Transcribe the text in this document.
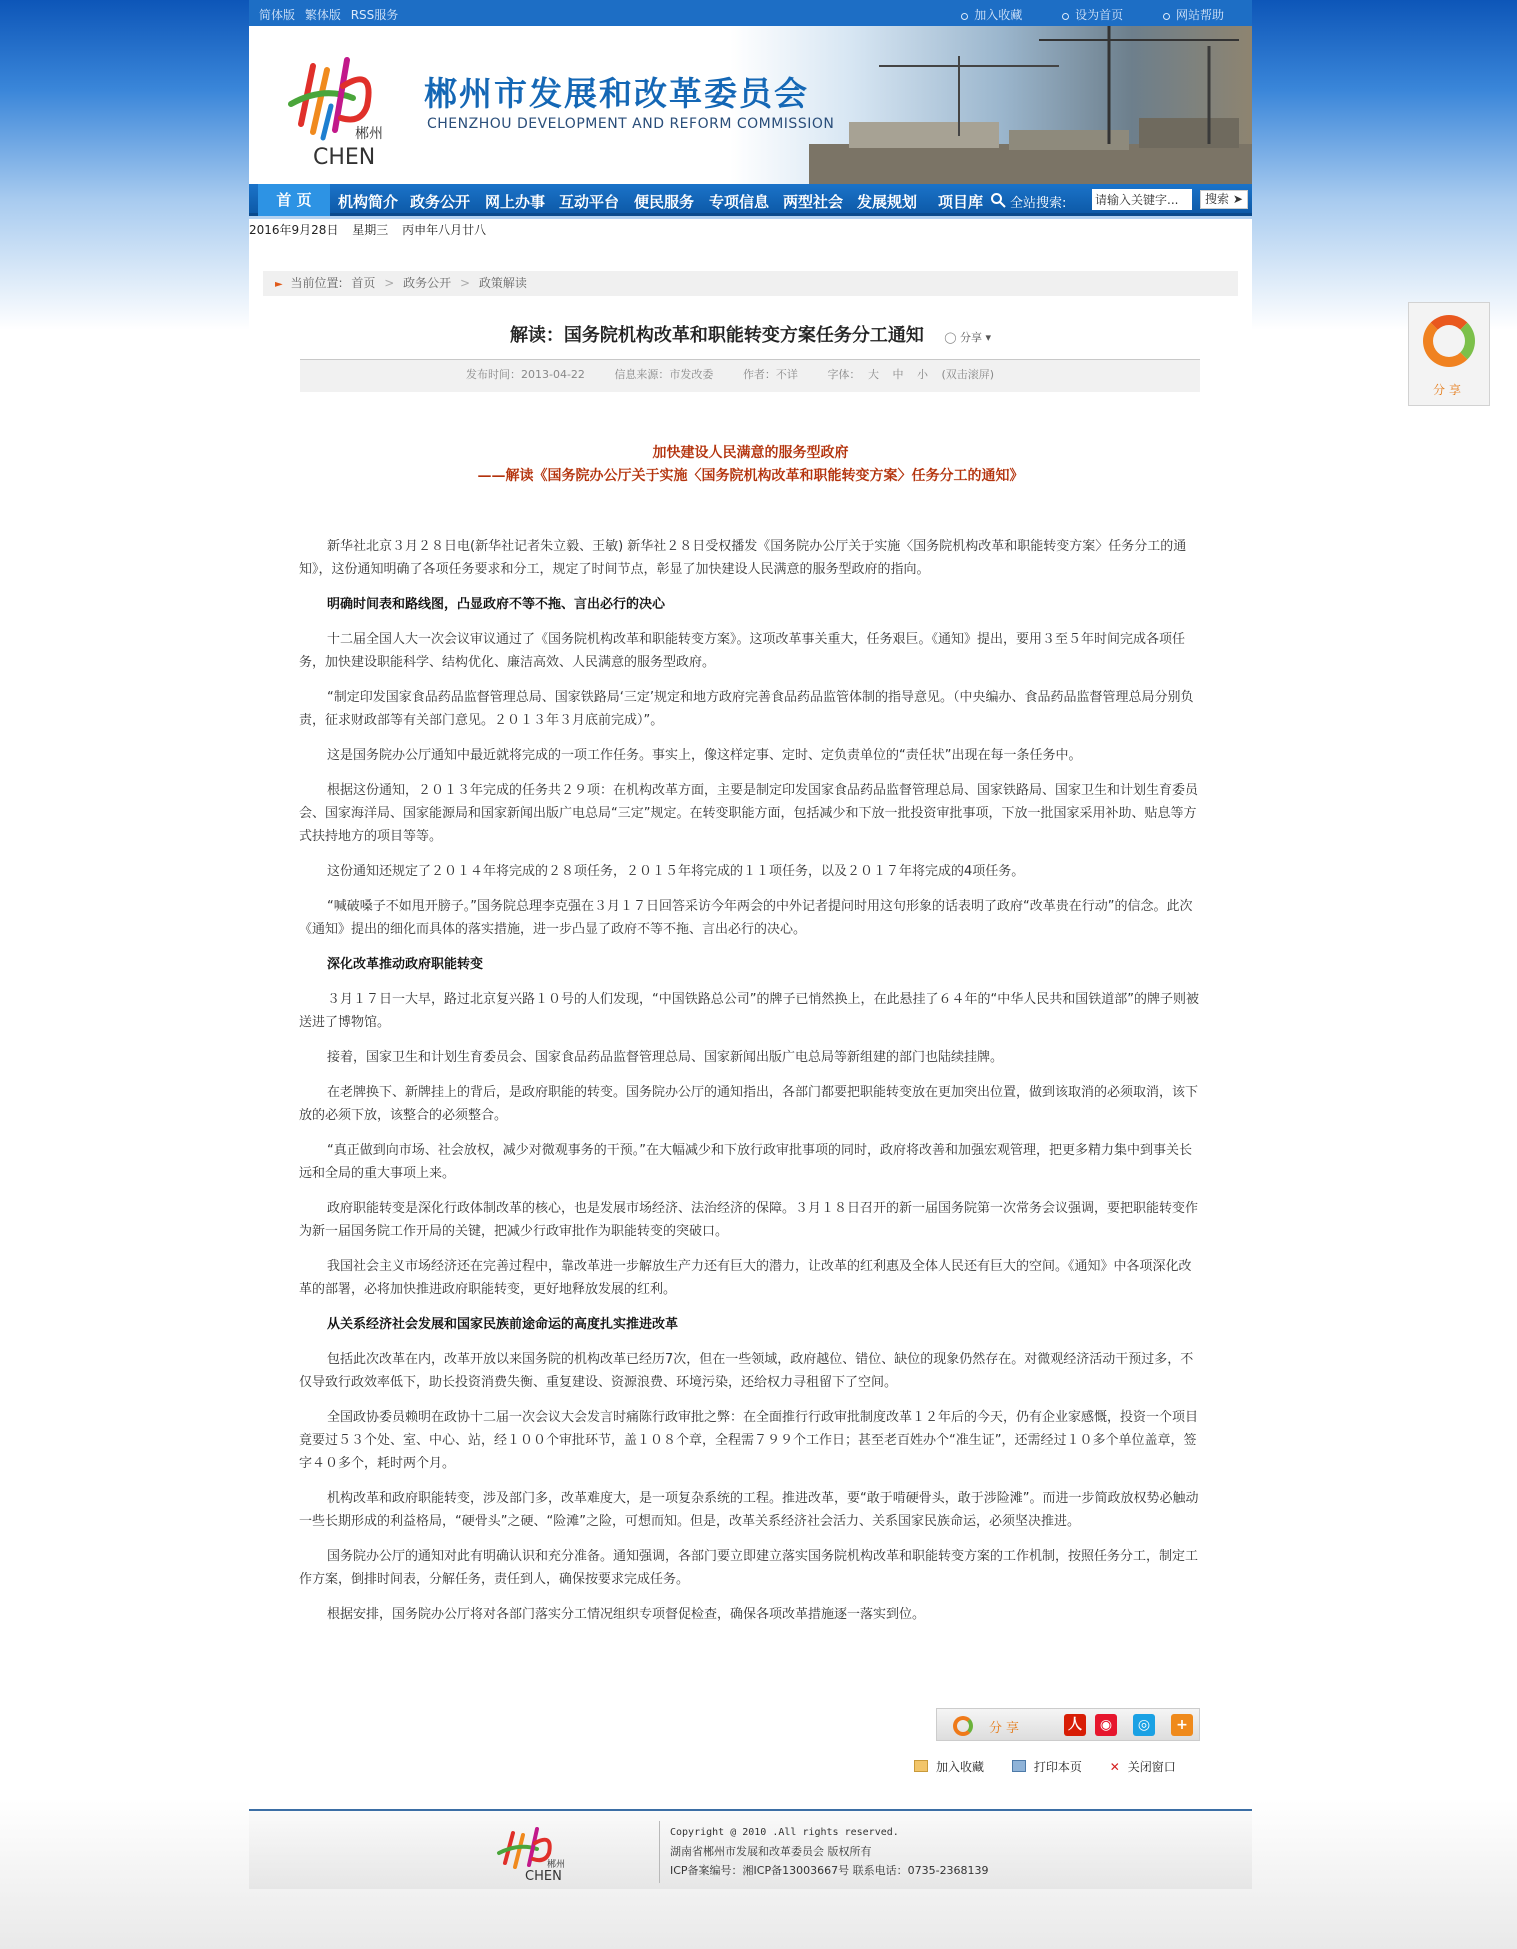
简体版 繁体版 RSS服务	加入收藏	设为首页	网站帮助
郴州
CHEN
郴州市发展和改革委员会
CHENZHOU DEVELOPMENT AND REFORM COMMISSION
首 页	机构简介 政务公开 网上办事 互动平台 便民服务 专项信息 两型社会 发展规划 项目库 全站搜索:
请输入关键字...	搜索 ➤
2016年9月28日 星期三 丙申年八月廿八
► 当前位置: 首页 > 政务公开 > 政策解读
解读：国务院机构改革和职能转变方案任务分工通知 ◯ 分享 ▾
发布时间：2013-04-22	信息来源：市发改委	作者：不详	字体： 大 中 小 (双击滚屏)
加快建设人民满意的服务型政府
——解读《国务院办公厅关于实施〈国务院机构改革和职能转变方案〉任务分工的通知》

新华社北京３月２８日电(新华社记者朱立毅、王敏) 新华社２８日受权播发《国务院办公厅关于实施〈国务院机构改革和职能转变方案〉任务分工的通知》，这份通知明确了各项任务要求和分工，规定了时间节点，彰显了加快建设人民满意的服务型政府的指向。

明确时间表和路线图，凸显政府不等不拖、言出必行的决心

十二届全国人大一次会议审议通过了《国务院机构改革和职能转变方案》。这项改革事关重大，任务艰巨。《通知》提出，要用３至５年时间完成各项任务，加快建设职能科学、结构优化、廉洁高效、人民满意的服务型政府。

“制定印发国家食品药品监督管理总局、国家铁路局‘三定’规定和地方政府完善食品药品监管体制的指导意见。（中央编办、食品药品监督管理总局分别负责，征求财政部等有关部门意见。２０１３年３月底前完成）”。

这是国务院办公厅通知中最近就将完成的一项工作任务。事实上，像这样定事、定时、定负责单位的“责任状”出现在每一条任务中。

根据这份通知，２０１３年完成的任务共２９项：在机构改革方面，主要是制定印发国家食品药品监督管理总局、国家铁路局、国家卫生和计划生育委员会、国家海洋局、国家能源局和国家新闻出版广电总局“三定”规定。在转变职能方面，包括减少和下放一批投资审批事项，下放一批国家采用补助、贴息等方式扶持地方的项目等等。

这份通知还规定了２０１４年将完成的２８项任务，２０１５年将完成的１１项任务，以及２０１７年将完成的4项任务。

“喊破嗓子不如甩开膀子。”国务院总理李克强在３月１７日回答采访今年两会的中外记者提问时用这句形象的话表明了政府“改革贵在行动”的信念。此次《通知》提出的细化而具体的落实措施，进一步凸显了政府不等不拖、言出必行的决心。

深化改革推动政府职能转变

３月１７日一大早，路过北京复兴路１０号的人们发现，“中国铁路总公司”的牌子已悄然换上，在此悬挂了６４年的“中华人民共和国铁道部”的牌子则被送进了博物馆。

接着，国家卫生和计划生育委员会、国家食品药品监督管理总局、国家新闻出版广电总局等新组建的部门也陆续挂牌。

在老牌换下、新牌挂上的背后，是政府职能的转变。国务院办公厅的通知指出，各部门都要把职能转变放在更加突出位置，做到该取消的必须取消，该下放的必须下放，该整合的必须整合。

“真正做到向市场、社会放权，减少对微观事务的干预。”在大幅减少和下放行政审批事项的同时，政府将改善和加强宏观管理，把更多精力集中到事关长远和全局的重大事项上来。

政府职能转变是深化行政体制改革的核心，也是发展市场经济、法治经济的保障。３月１８日召开的新一届国务院第一次常务会议强调，要把职能转变作为新一届国务院工作开局的关键，把减少行政审批作为职能转变的突破口。

我国社会主义市场经济还在完善过程中，靠改革进一步解放生产力还有巨大的潜力，让改革的红利惠及全体人民还有巨大的空间。《通知》中各项深化改革的部署，必将加快推进政府职能转变，更好地释放发展的红利。

从关系经济社会发展和国家民族前途命运的高度扎实推进改革

包括此次改革在内，改革开放以来国务院的机构改革已经历7次，但在一些领域，政府越位、错位、缺位的现象仍然存在。对微观经济活动干预过多，不仅导致行政效率低下，助长投资消费失衡、重复建设、资源浪费、环境污染，还给权力寻租留下了空间。

全国政协委员赖明在政协十二届一次会议大会发言时痛陈行政审批之弊：在全面推行行政审批制度改革１２年后的今天，仍有企业家感慨，投资一个项目竟要过５３个处、室、中心、站，经１００个审批环节，盖１０８个章，全程需７９９个工作日；甚至老百姓办个“准生证”，还需经过１０多个单位盖章，签字４０多个，耗时两个月。

机构改革和政府职能转变，涉及部门多，改革难度大，是一项复杂系统的工程。推进改革，要“敢于啃硬骨头，敢于涉险滩”。而进一步简政放权势必触动一些长期形成的利益格局，“硬骨头”之硬、“险滩”之险，可想而知。但是，改革关系经济社会活力、关系国家民族命运，必须坚决推进。

国务院办公厅的通知对此有明确认识和充分准备。通知强调，各部门要立即建立落实国务院机构改革和职能转变方案的工作机制，按照任务分工，制定工作方案，倒排时间表，分解任务，责任到人，确保按要求完成任务。

根据安排，国务院办公厅将对各部门落实分工情况组织专项督促检查，确保各项改革措施逐一落实到位。

分享	人	◉	◎	+
加入收藏	打印本页 ✕ 关闭窗口
郴州
CHEN
Copyright @ 2010 .All rights reserved.
湖南省郴州市发展和改革委员会 版权所有
ICP备案编号：湘ICP备13003667号 联系电话：0735-2368139
分享
